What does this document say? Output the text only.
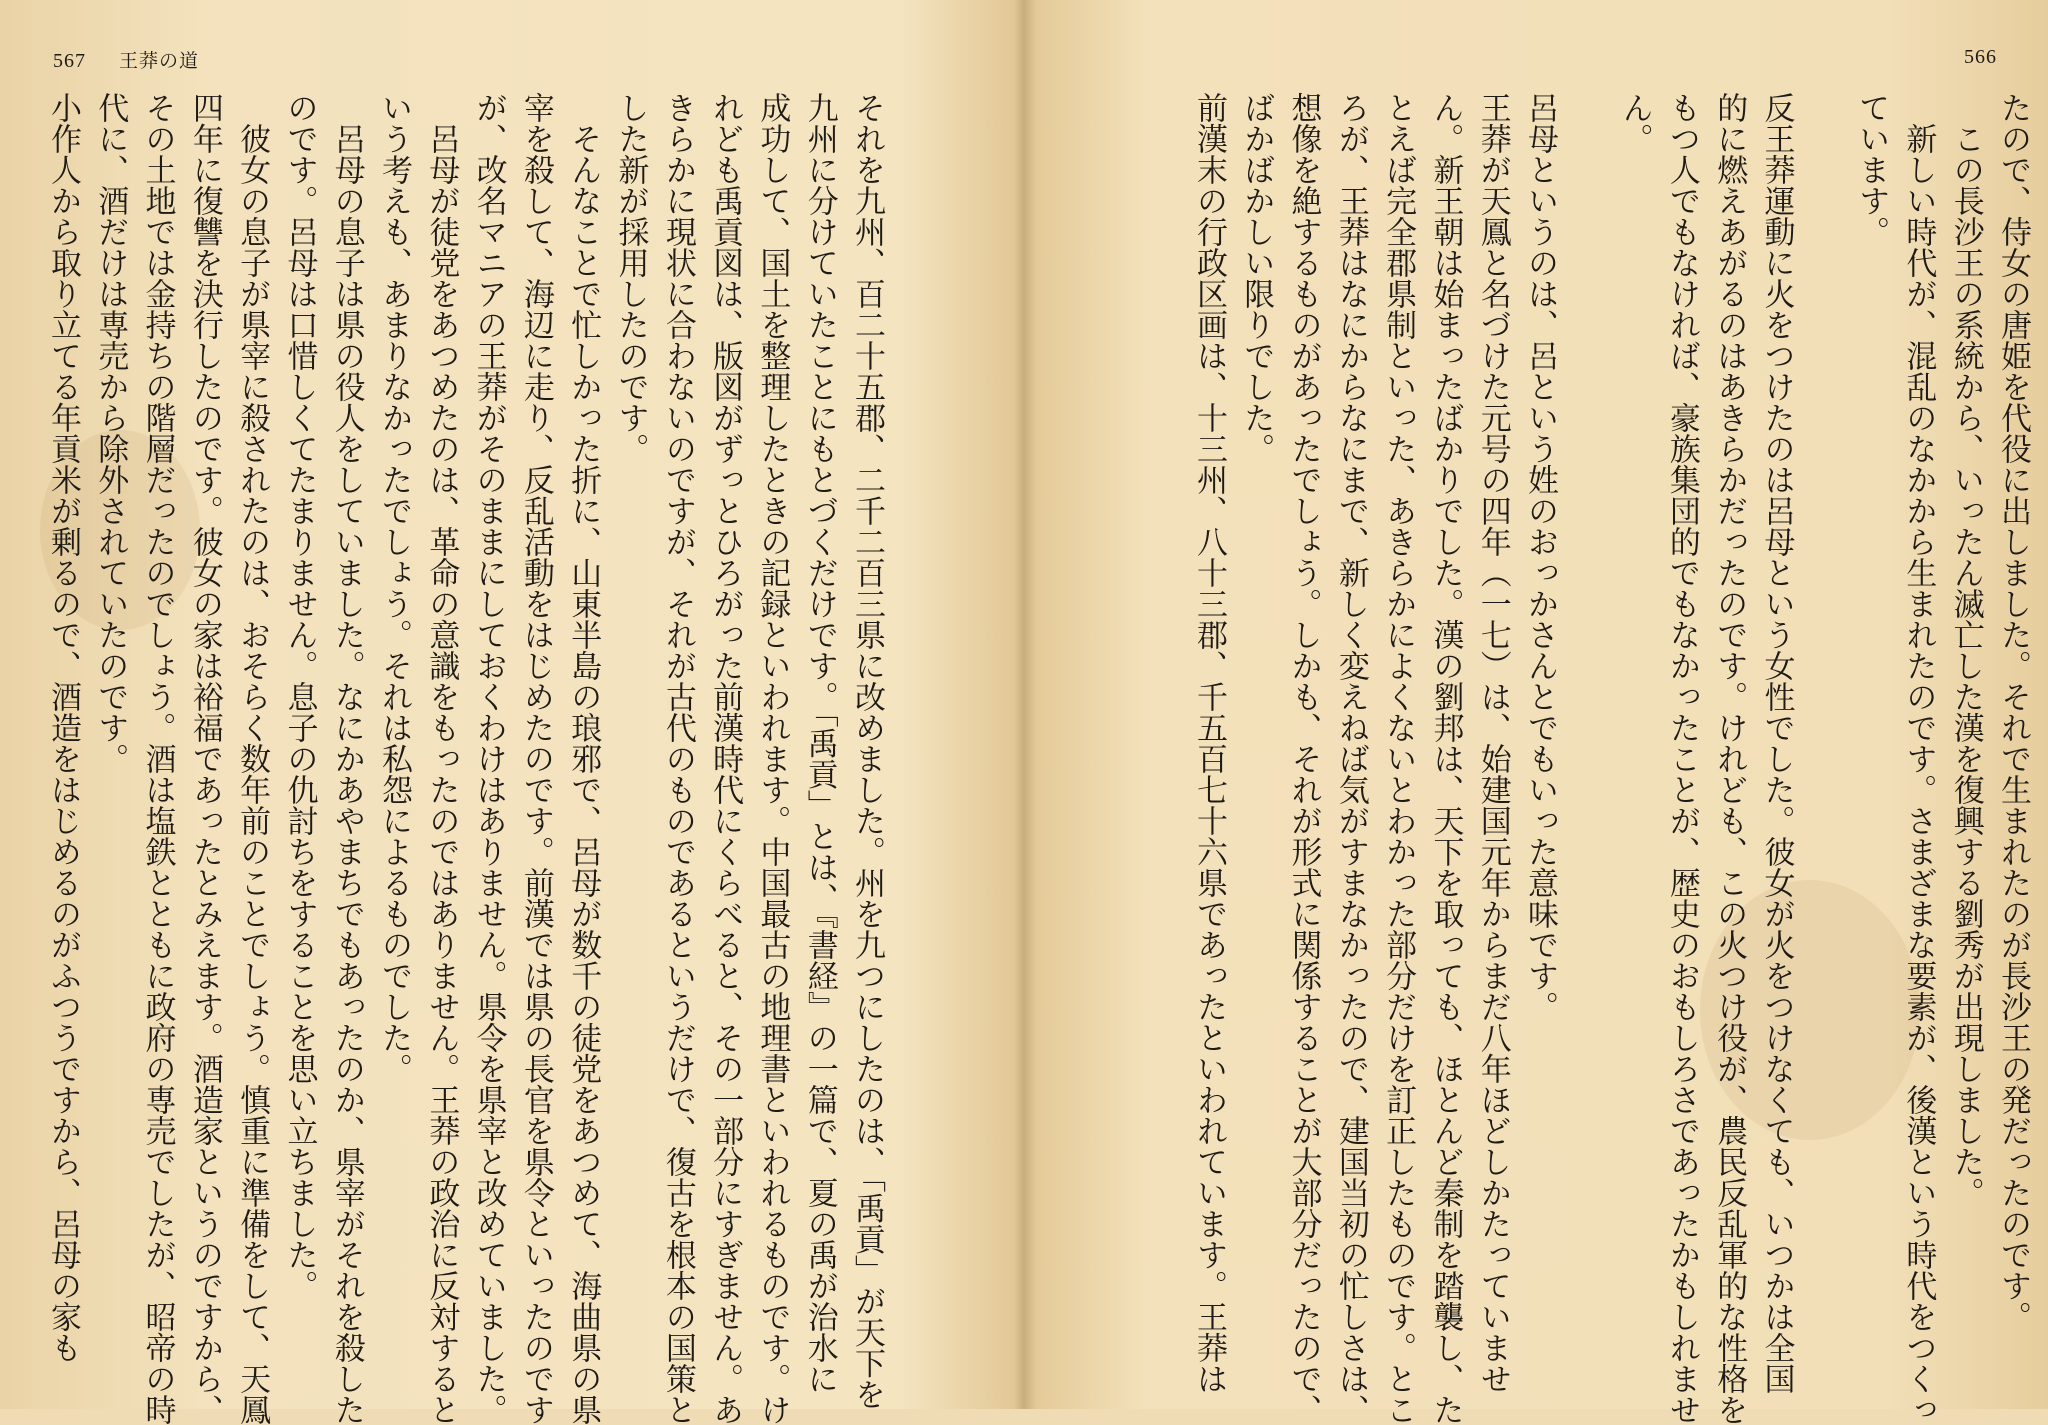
567 王莽の道
それを九州、百二十五郡、二千二百三県に改めました。州を九つにしたのは、「禹貢」が天下を
九州に分けていたことにもとづくだけです。「禹貢」とは、『書経』の一篇で、夏の禹が治水に
成功して、国土を整理したときの記録といわれます。中国最古の地理書といわれるものです。け
れども禹貢図は、版図がずっとひろがった前漢時代にくらべると、その一部分にすぎません。あ
きらかに現状に合わないのですが、それが古代のものであるというだけで、復古を根本の国策と
した新が採用したのです。
　そんなことで忙しかった折に、山東半島の琅邪で、呂母が数千の徒党をあつめて、海曲県の県
宰を殺して、海辺に走り、反乱活動をはじめたのです。前漢では県の長官を県令といったのです
が、改名マニアの王莽がそのままにしておくわけはありません。県令を県宰と改めていました。
　呂母が徒党をあつめたのは、革命の意識をもったのではありません。王莽の政治に反対すると
いう考えも、あまりなかったでしょう。それは私怨によるものでした。
　呂母の息子は県の役人をしていました。なにかあやまちでもあったのか、県宰がそれを殺した
のです。呂母は口惜しくてたまりません。息子の仇討ちをすることを思い立ちました。
　彼女の息子が県宰に殺されたのは、おそらく数年前のことでしょう。慎重に準備をして、天鳳
四年に復讐を決行したのです。彼女の家は裕福であったとみえます。酒造家というのですから、
その土地では金持ちの階層だったのでしょう。酒は塩鉄とともに政府の専売でしたが、昭帝の時
代に、酒だけは専売から除外されていたのです。
小作人から取り立てる年貢米が剰るので、酒造をはじめるのがふつうですから、呂母の家も
566
たので、侍女の唐姫を代役に出しました。それで生まれたのが長沙王の発だったのです。
　この長沙王の系統から、いったん滅亡した漢を復興する劉秀が出現しました。
　新しい時代が、混乱のなかから生まれたのです。さまざまな要素が、後漢という時代をつくっ
ています。

反王莽運動に火をつけたのは呂母という女性でした。彼女が火をつけなくても、いつかは全国
的に燃えあがるのはあきらかだったのです。けれども、この火つけ役が、農民反乱軍的な性格を
もつ人でもなければ、豪族集団的でもなかったことが、歴史のおもしろさであったかもしれませ
ん。

呂母というのは、呂という姓のおっかさんとでもいった意味です。
王莽が天鳳と名づけた元号の四年（一七）は、始建国元年からまだ八年ほどしかたっていませ
ん。新王朝は始まったばかりでした。漢の劉邦は、天下を取っても、ほとんど秦制を踏襲し、た
とえば完全郡県制といった、あきらかによくないとわかった部分だけを訂正したものです。とこ
ろが、王莽はなにからなにまで、新しく変えねば気がすまなかったので、建国当初の忙しさは、
想像を絶するものがあったでしょう。しかも、それが形式に関係することが大部分だったので、
ばかばかしい限りでした。
前漢末の行政区画は、十三州、八十三郡、千五百七十六県であったといわれています。王莽は
